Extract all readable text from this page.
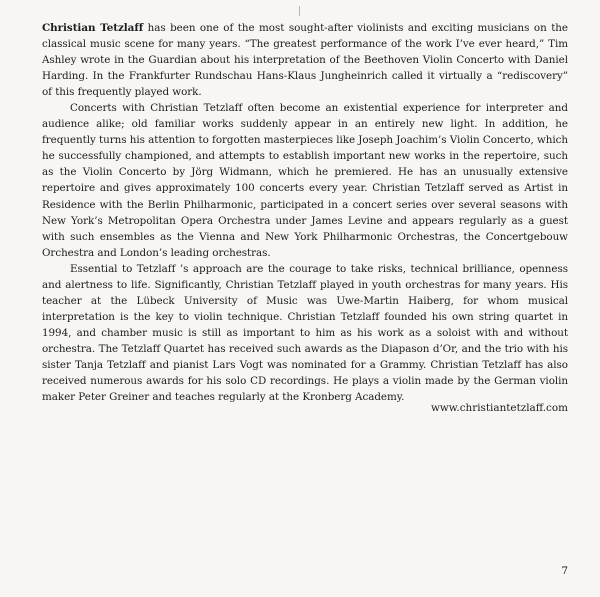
Christian Tetzlaff has been one of the most sought-after violinists and exciting musicians on the classical music scene for many years. “The greatest performance of the work I’ve ever heard,” Tim Ashley wrote in the Guardian about his interpretation of the Beethoven Violin Concerto with Daniel Harding. In the Frankfurter Rundschau Hans-Klaus Jungheinrich called it virtually a “rediscovery” of this frequently played work.

Concerts with Christian Tetzlaff often become an existential experience for interpreter and audience alike; old familiar works suddenly appear in an entirely new light. In addition, he frequently turns his attention to forgotten masterpieces like Joseph Joachim’s Violin Concerto, which he successfully championed, and attempts to establish important new works in the repertoire, such as the Violin Concerto by Jörg Widmann, which he premiered. He has an unusually extensive repertoire and gives approximately 100 concerts every year. Christian Tetzlaff served as Artist in Residence with the Berlin Philharmonic, participated in a concert series over several seasons with New York’s Metropolitan Opera Orchestra under James Levine and appears regularly as a guest with such ensembles as the Vienna and New York Philharmonic Orchestras, the Concertgebouw Orchestra and London’s leading orchestras.

Essential to Tetzlaff ’s approach are the courage to take risks, technical brilliance, openness and alertness to life. Significantly, Christian Tetzlaff played in youth orchestras for many years. His teacher at the Lübeck University of Music was Uwe-Martin Haiberg, for whom musical interpretation is the key to violin technique. Christian Tetzlaff founded his own string quartet in 1994, and chamber music is still as important to him as his work as a soloist with and without orchestra. The Tetzlaff Quartet has received such awards as the Diapason d’Or, and the trio with his sister Tanja Tetzlaff and pianist Lars Vogt was nominated for a Grammy. Christian Tetzlaff has also received numerous awards for his solo CD recordings. He plays a violin made by the German violin maker Peter Greiner and teaches regularly at the Kronberg Academy.

www.christiantetzlaff.com
7
